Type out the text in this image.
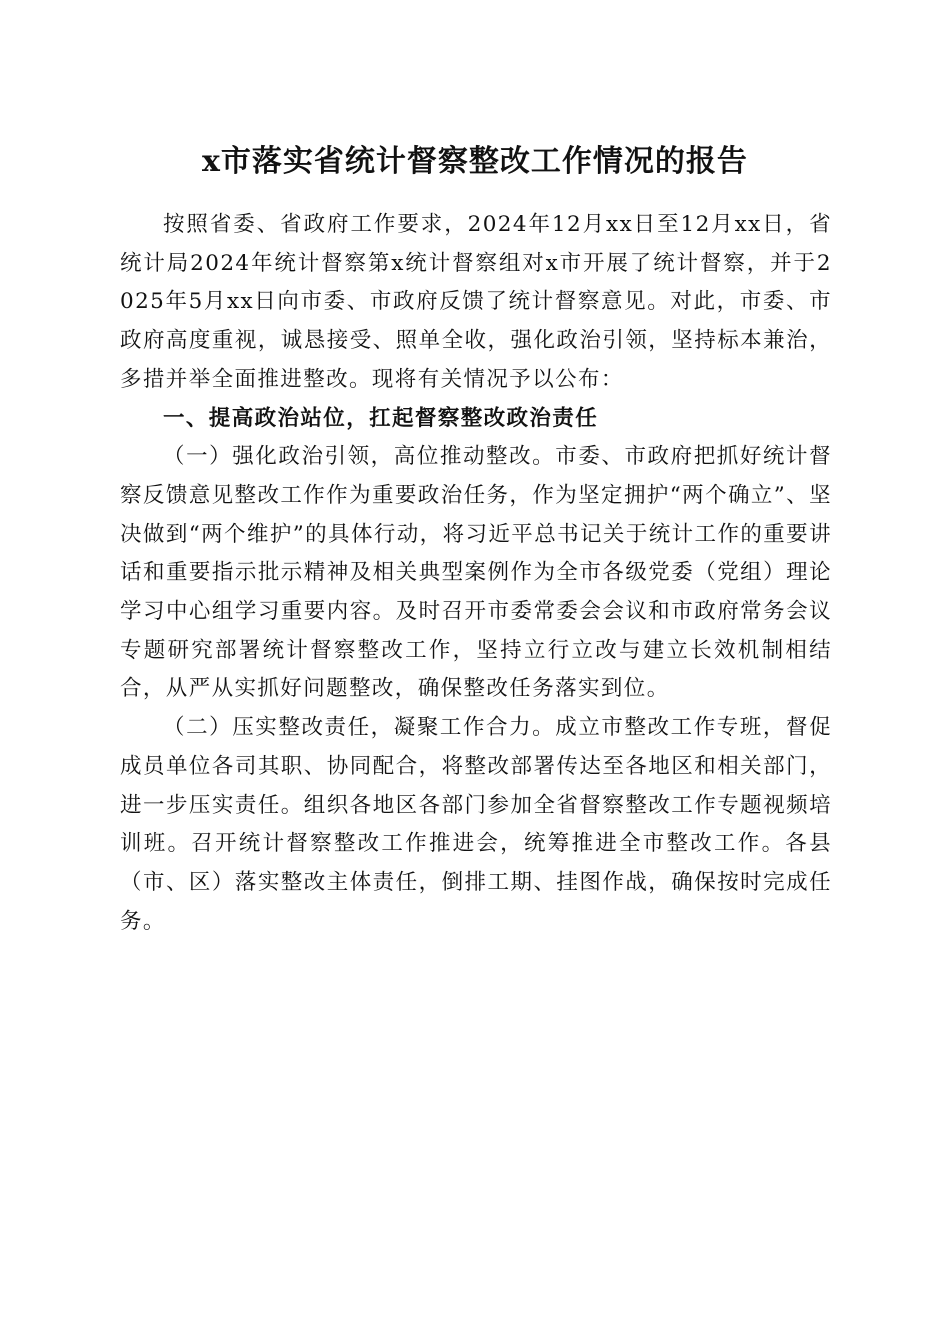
x市落实省统计督察整改工作情况的报告

按照省委、省政府工作要求，2024年12月xx日至12月xx日，省统计局2024年统计督察第x统计督察组对x市开展了统计督察，并于2025年5月xx日向市委、市政府反馈了统计督察意见。对此，市委、市政府高度重视，诚恳接受、照单全收，强化政治引领，坚持标本兼治，多措并举全面推进整改。现将有关情况予以公布：

一、提高政治站位，扛起督察整改政治责任

（一）强化政治引领，高位推动整改。市委、市政府把抓好统计督察反馈意见整改工作作为重要政治任务，作为坚定拥护“两个确立”、坚决做到“两个维护”的具体行动，将习近平总书记关于统计工作的重要讲话和重要指示批示精神及相关典型案例作为全市各级党委（党组）理论学习中心组学习重要内容。及时召开市委常委会会议和市政府常务会议专题研究部署统计督察整改工作，坚持立行立改与建立长效机制相结合，从严从实抓好问题整改，确保整改任务落实到位。

（二）压实整改责任，凝聚工作合力。成立市整改工作专班，督促成员单位各司其职、协同配合，将整改部署传达至各地区和相关部门，进一步压实责任。组织各地区各部门参加全省督察整改工作专题视频培训班。召开统计督察整改工作推进会，统筹推进全市整改工作。各县（市、区）落实整改主体责任，倒排工期、挂图作战，确保按时完成任务。
